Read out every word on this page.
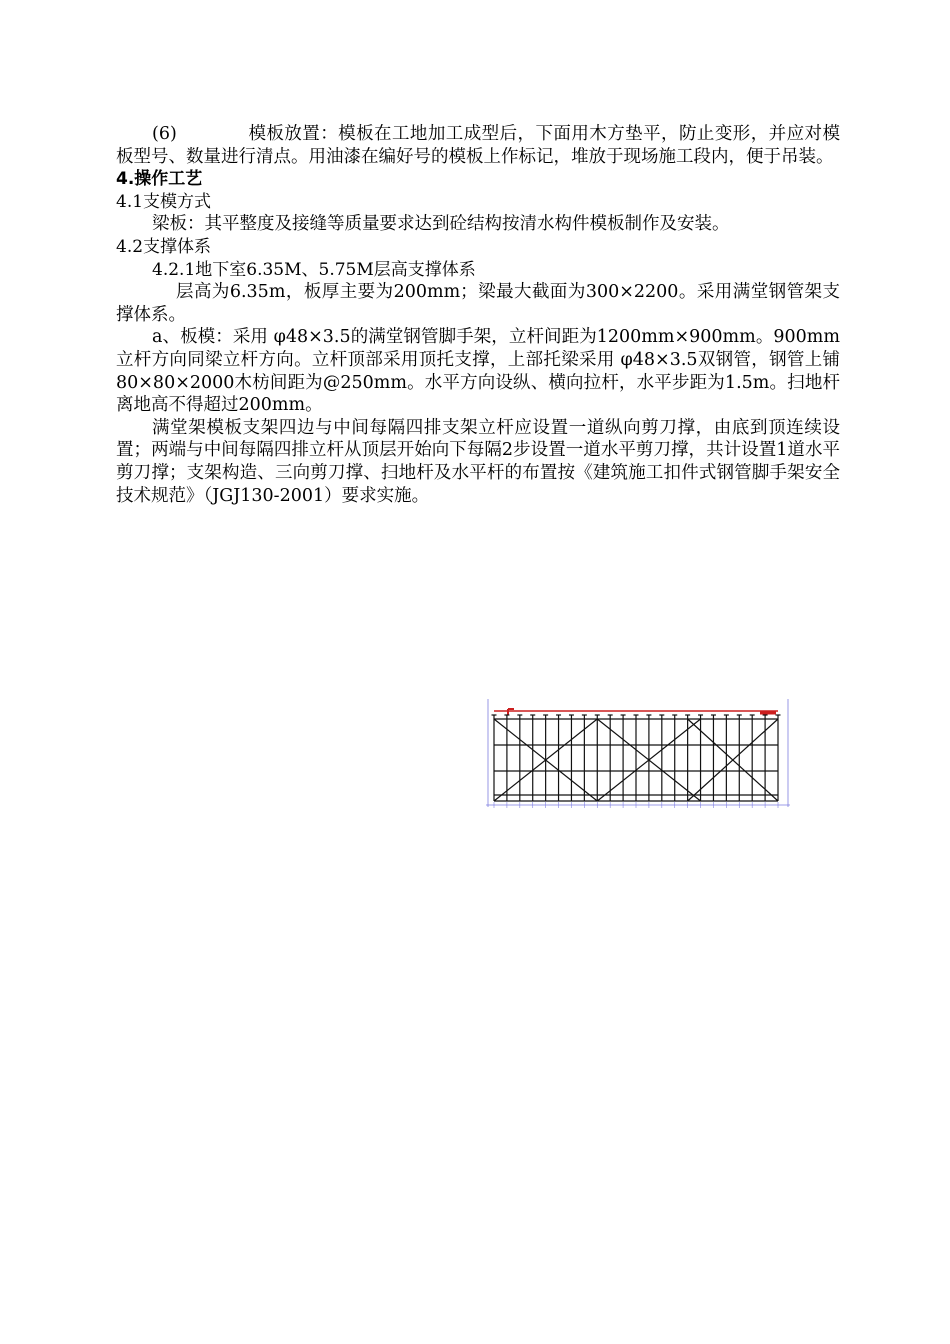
(6)	模板放置：模板在工地加工成型后，下面用木方垫平，防止变形，并应对模板型号、数量进行清点。用油漆在编好号的模板上作标记，堆放于现场施工段内，便于吊装。

4.操作工艺

4.1支模方式

梁板：其平整度及接缝等质量要求达到砼结构按清水构件模板制作及安装。

4.2支撑体系

4.2.1地下室6.35M、5.75M层高支撑体系

层高为6.35m，板厚主要为200mm；梁最大截面为300×2200。采用满堂钢管架支撑体系。

a、板模：采用 φ48×3.5的满堂钢管脚手架，立杆间距为1200mm×900mm。900mm立杆方向同梁立杆方向。立杆顶部采用顶托支撑，上部托梁采用 φ48×3.5双钢管，钢管上铺80×80×2000木枋间距为@250mm。水平方向设纵、横向拉杆，水平步距为1.5m。扫地杆离地高不得超过200mm。

满堂架模板支架四边与中间每隔四排支架立杆应设置一道纵向剪刀撑，由底到顶连续设置；两端与中间每隔四排立杆从顶层开始向下每隔2步设置一道水平剪刀撑，共计设置1道水平剪刀撑；支架构造、三向剪刀撑、扫地杆及水平杆的布置按《建筑施工扣件式钢管脚手架安全技术规范》（JGJ130-2001）要求实施。
